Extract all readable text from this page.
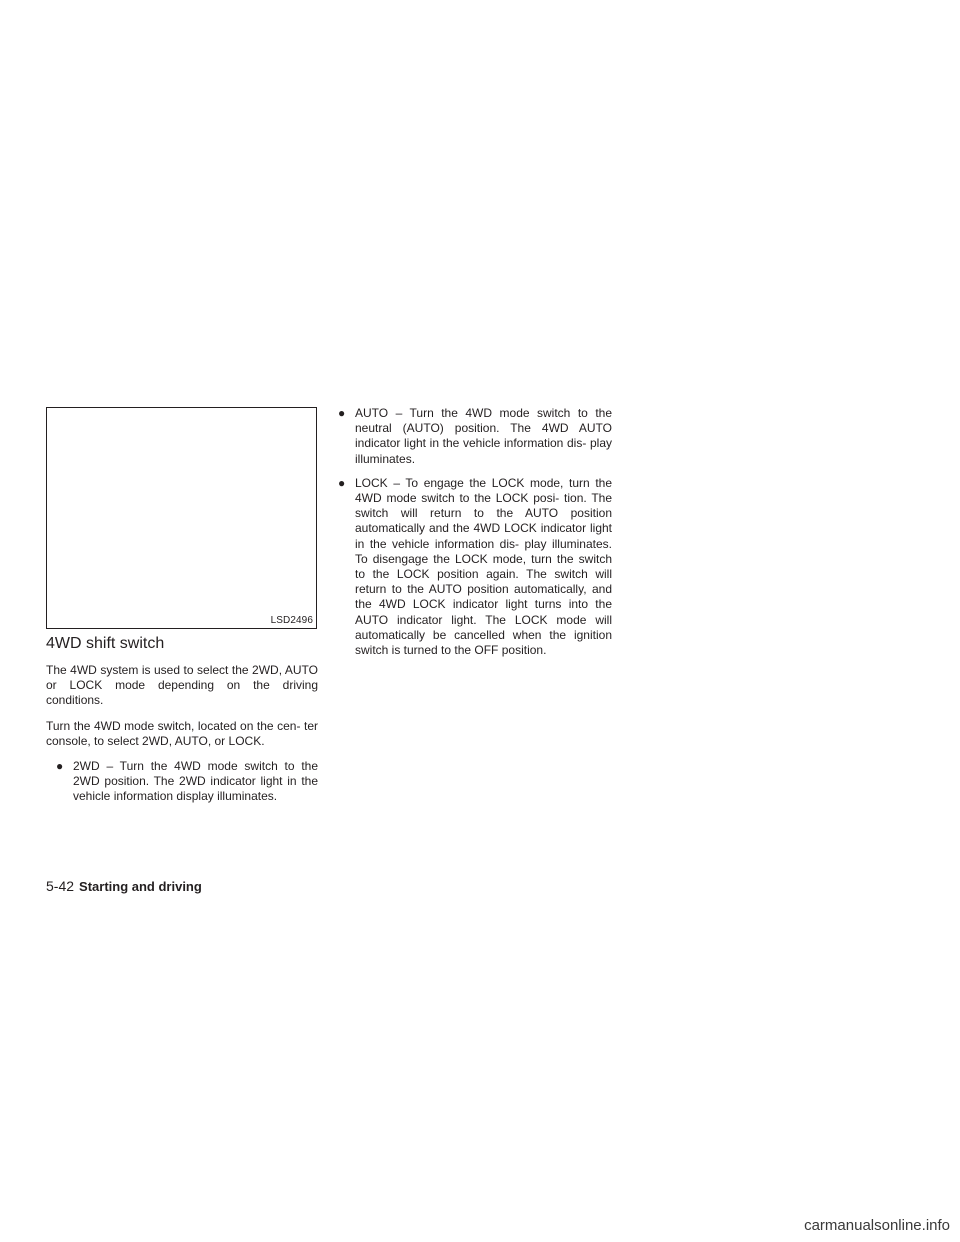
LSD2496
4WD shift switch

The 4WD system is used to select the 2WD, AUTO or LOCK mode depending on the driving conditions.

Turn the 4WD mode switch, located on the cen- ter console, to select 2WD, AUTO, or LOCK.

● 2WD – Turn the 4WD mode switch to the 2WD position. The 2WD indicator light in the vehicle information display illuminates.
● AUTO – Turn the 4WD mode switch to the neutral (AUTO) position. The 4WD AUTO indicator light in the vehicle information dis- play illuminates.
● LOCK – To engage the LOCK mode, turn the 4WD mode switch to the LOCK posi- tion. The switch will return to the AUTO position automatically and the 4WD LOCK indicator light in the vehicle information dis- play illuminates. To disengage the LOCK mode, turn the switch to the LOCK position again. The switch will return to the AUTO position automatically, and the 4WD LOCK indicator light turns into the AUTO indicator light. The LOCK mode will automatically be cancelled when the ignition switch is turned to the OFF position.
5-42 Starting and driving
carmanualsonline.info
